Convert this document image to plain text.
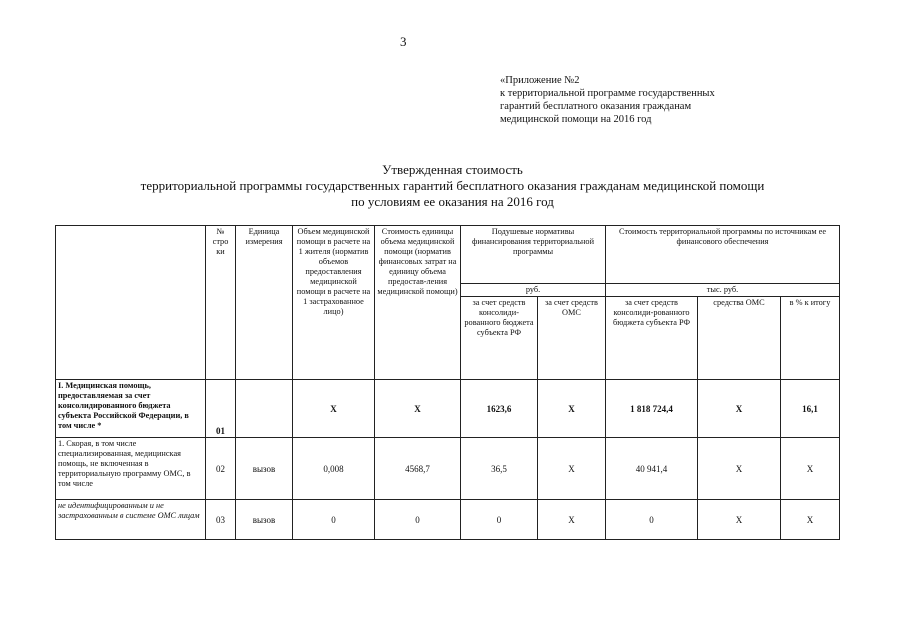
3
«Приложение №2
к территориальной программе государственных
гарантий бесплатного оказания гражданам
медицинской помощи на 2016 год
Утвержденная стоимость
территориальной программы государственных гарантий бесплатного оказания гражданам медицинской помощи
по условиям ее оказания на 2016 год
	№ стро ки	Единица измерения	Объем медицинской помощи в расчете на 1 жителя (норматив объемов предоставления медицинской помощи в расчете на 1 застрахованное лицо)	Стоимость единицы объема медицинской помощи (норматив финансовых затрат на единицу объема предостав-ления медицинской помощи)	Подушевые нормативы финансирования территориальной программы		Стоимость территориальной программы по источникам ее финансового обеспечения		
					руб.		тыс. руб.		
					за счет средств консолиди-рованного бюджета субъекта РФ	за счет средств ОМС	за счет средств консолиди-рованного бюджета субъекта РФ	средства ОМС	в % к итогу
I. Медицинская помощь, предоставляемая за счет консолидированного бюджета субъекта Российской Федерации, в том числе *	01		X	X	1623,6	X	1 818 724,4	X	16,1
1. Скорая, в том числе специализированная, медицинская помощь, не включенная в территориальную программу ОМС, в том числе	02	вызов	0,008	4568,7	36,5	X	40 941,4	X	X
не идентифицированным и не застрахованным в системе ОМС лицам	03	вызов	0	0	0	X	0	X	X
